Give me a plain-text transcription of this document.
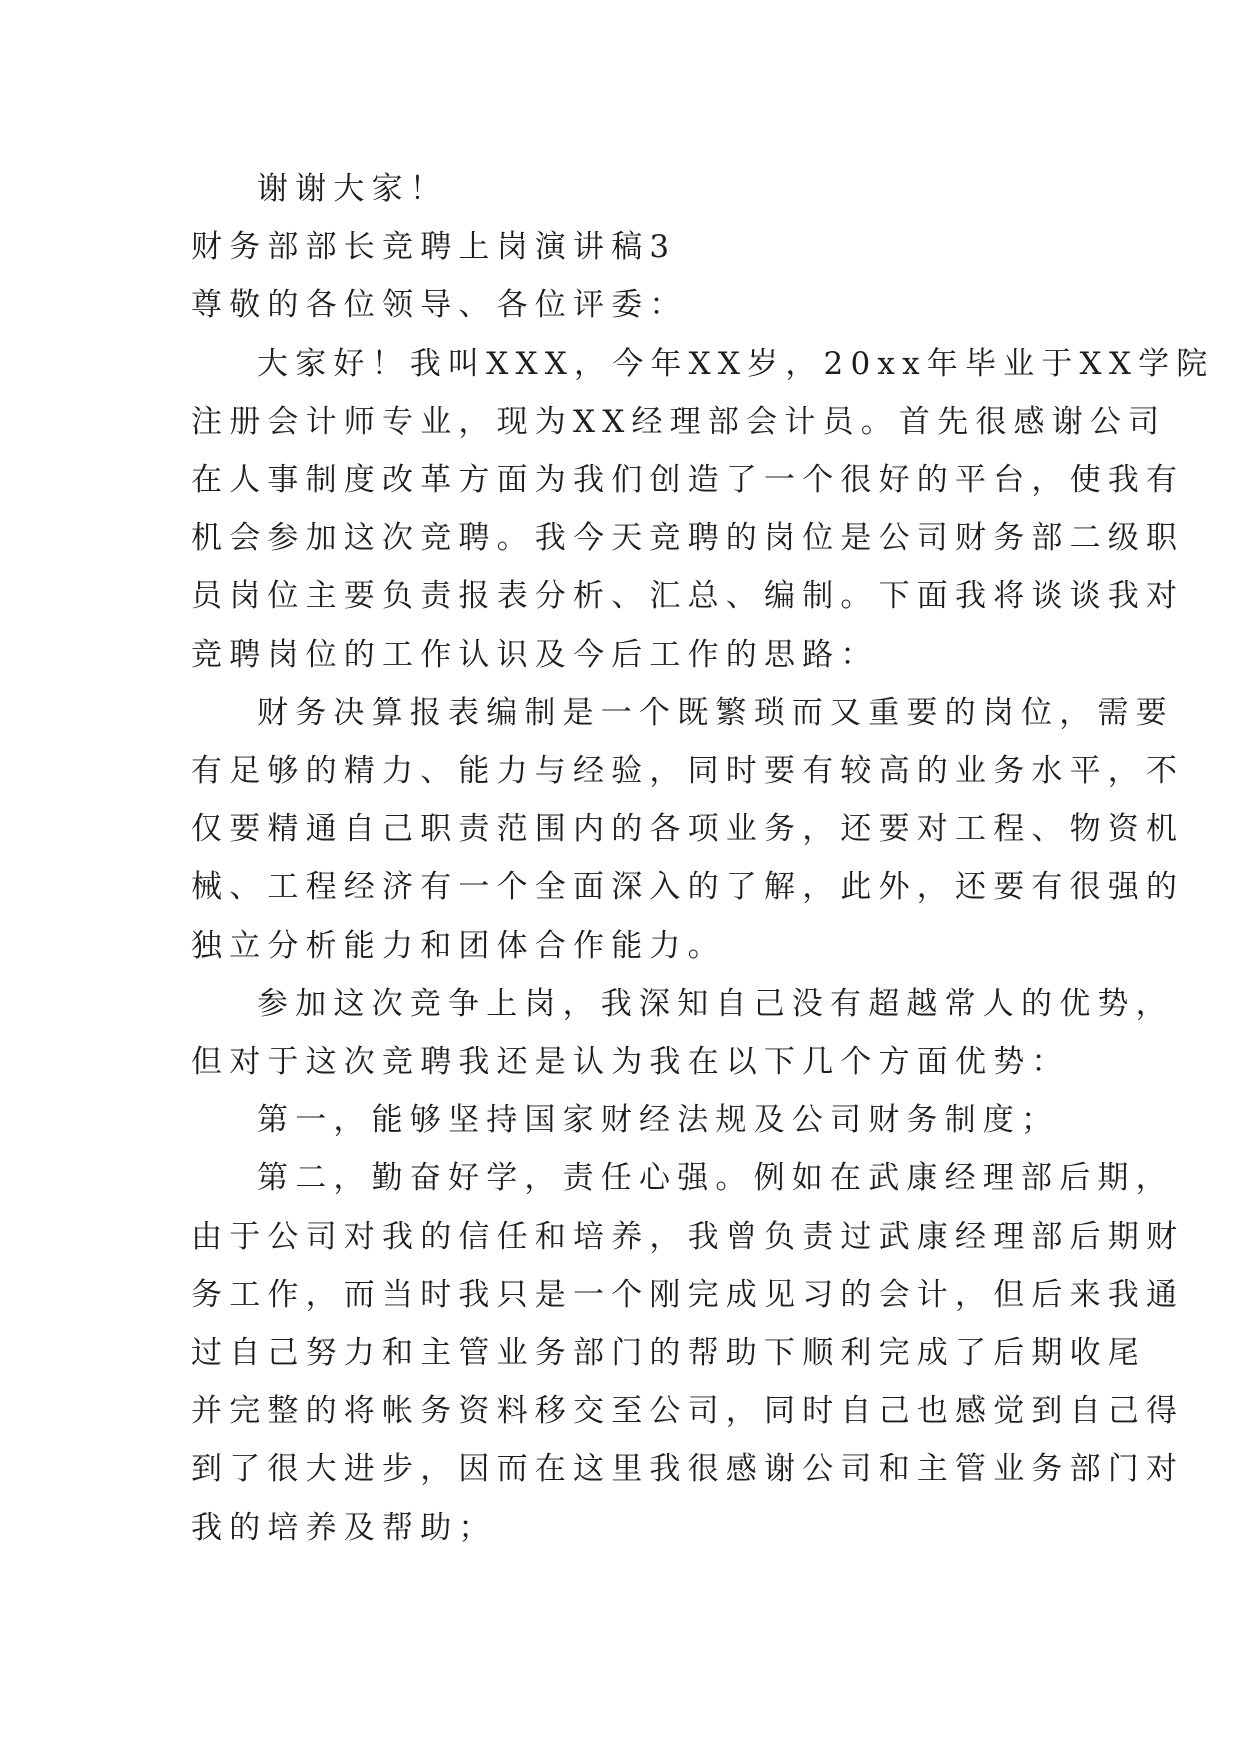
谢谢大家！

财务部部长竞聘上岗演讲稿3

尊敬的各位领导、各位评委：

大家好！我叫XXX，今年XX岁，20xx年毕业于XX学院

注册会计师专业，现为XX经理部会计员。首先很感谢公司

在人事制度改革方面为我们创造了一个很好的平台，使我有

机会参加这次竞聘。我今天竞聘的岗位是公司财务部二级职

员岗位主要负责报表分析、汇总、编制。下面我将谈谈我对

竞聘岗位的工作认识及今后工作的思路：

财务决算报表编制是一个既繁琐而又重要的岗位，需要

有足够的精力、能力与经验，同时要有较高的业务水平，不

仅要精通自己职责范围内的各项业务，还要对工程、物资机

械、工程经济有一个全面深入的了解，此外，还要有很强的

独立分析能力和团体合作能力。

参加这次竞争上岗，我深知自己没有超越常人的优势，

但对于这次竞聘我还是认为我在以下几个方面优势：

第一，能够坚持国家财经法规及公司财务制度；

第二，勤奋好学，责任心强。例如在武康经理部后期，

由于公司对我的信任和培养，我曾负责过武康经理部后期财

务工作，而当时我只是一个刚完成见习的会计，但后来我通

过自己努力和主管业务部门的帮助下顺利完成了后期收尾

并完整的将帐务资料移交至公司，同时自己也感觉到自己得

到了很大进步，因而在这里我很感谢公司和主管业务部门对

我的培养及帮助；
